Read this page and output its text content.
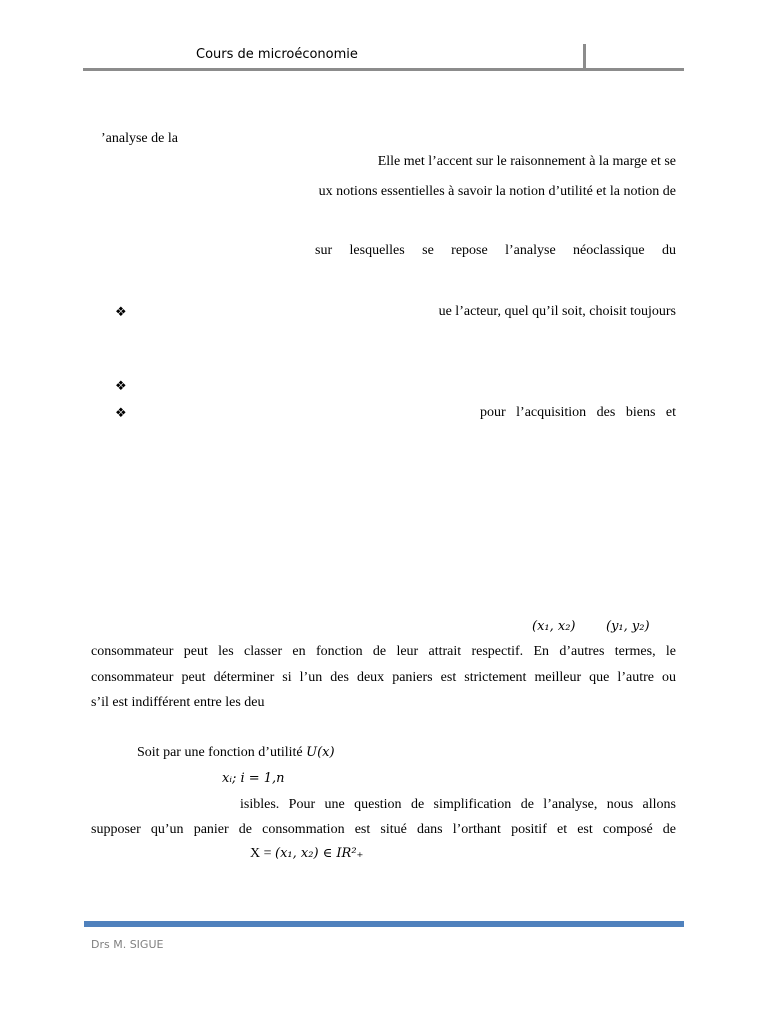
Cours de microéconomie
’analyse de la
Elle met l’accent sur le raisonnement à la marge et se
ux notions essentielles à savoir la notion d’utilité et la notion de
sur lesquelles se repose l’analyse néoclassique du
❖	ue l’acteur, quel qu’il soit, choisit toujours
❖
❖	pour l’acquisition des biens et
(x₁, x₂) (y₁, y₂)
consommateur peut les classer en fonction de leur attrait respectif. En d’autres termes, le
consommateur peut déterminer si l’un des deux paniers est strictement meilleur que l’autre ou
s’il est indifférent entre les deu
Soit par une fonction d’utilité U(x)
xᵢ; i = 1,n
isibles. Pour une question de simplification de l’analyse, nous allons
supposer qu’un panier de consommation est situé dans l’orthant positif et est composé de
X = (x₁, x₂) ∈ IR²₊
Drs M. SIGUE
